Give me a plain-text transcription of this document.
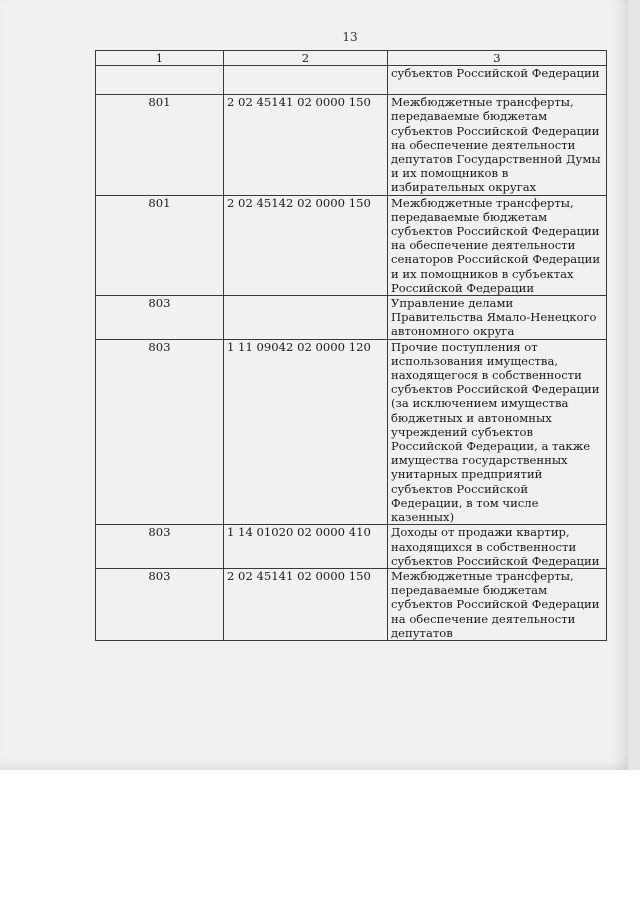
13
1	2	3
		субъектов Российской Федерации
801	2 02 45141 02 0000 150	Межбюджетные трансферты, передаваемые бюджетам субъектов Российской Федерации на обеспечение деятельности депутатов Государственной Думы и их помощников в избирательных округах
801	2 02 45142 02 0000 150	Межбюджетные трансферты, передаваемые бюджетам субъектов Российской Федерации на обеспечение деятельности сенаторов Российской Федерации и их помощников в субъектах Российской Федерации
803		Управление делами Правительства Ямало-Ненецкого автономного округа
803	1 11 09042 02 0000 120	Прочие поступления от использования имущества, находящегося в собственности субъектов Российской Федерации (за исключением имущества бюджетных и автономных учреждений субъектов Российской Федерации, а также имущества государственных унитарных предприятий субъектов Российской Федерации, в том числе казенных)
803	1 14 01020 02 0000 410	Доходы от продажи квартир, находящихся в собственности субъектов Российской Федерации
803	2 02 45141 02 0000 150	Межбюджетные трансферты, передаваемые бюджетам субъектов Российской Федерации на обеспечение деятельности депутатов
